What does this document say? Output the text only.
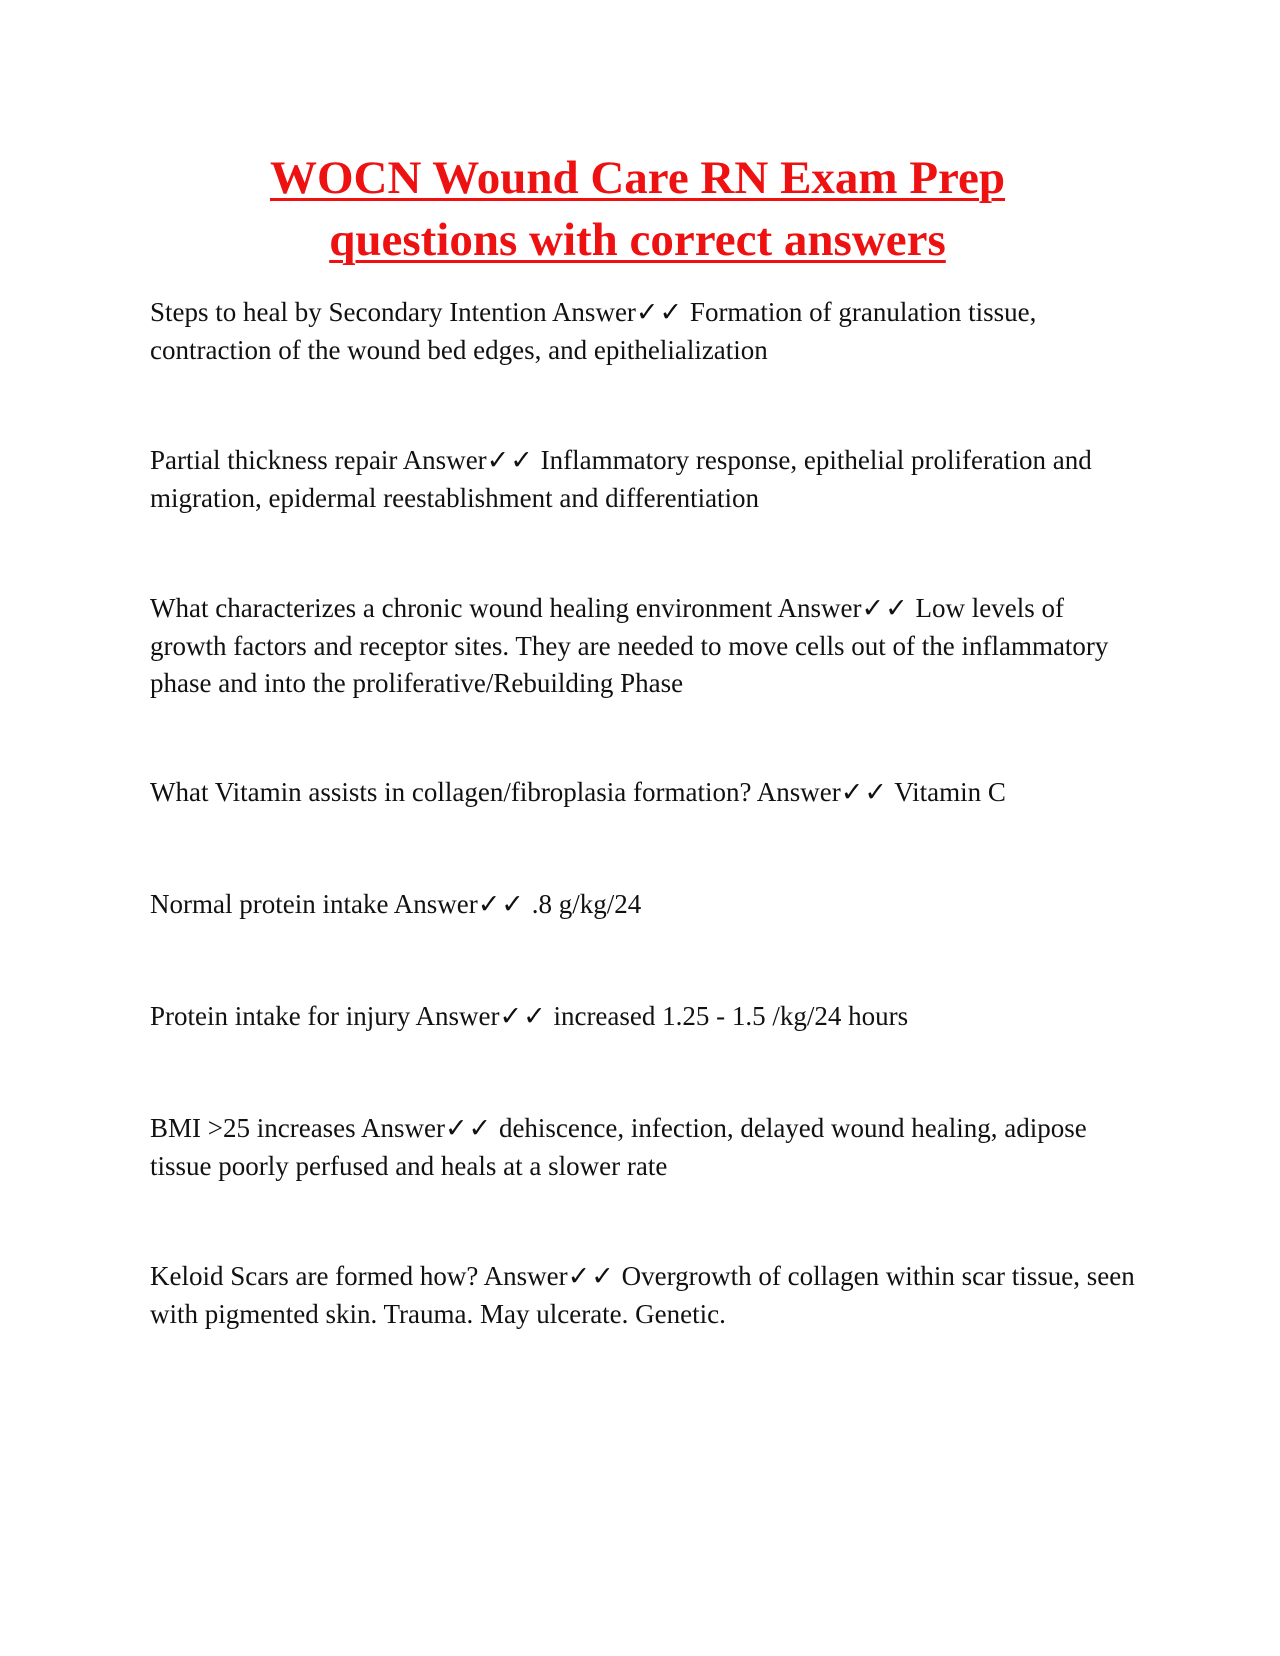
WOCN Wound Care RN Exam Prep
questions with correct answers

Steps to heal by Secondary Intention Answer✓✓ Formation of granulation tissue, contraction of the wound bed edges, and epithelialization

Partial thickness repair Answer✓✓ Inflammatory response, epithelial proliferation and migration, epidermal reestablishment and differentiation

What characterizes a chronic wound healing environment Answer✓✓ Low levels of growth factors and receptor sites. They are needed to move cells out of the inflammatory phase and into the proliferative/Rebuilding Phase

What Vitamin assists in collagen/fibroplasia formation? Answer✓✓ Vitamin C

Normal protein intake Answer✓✓ .8 g/kg/24

Protein intake for injury Answer✓✓ increased 1.25 - 1.5 /kg/24 hours

BMI >25 increases Answer✓✓ dehiscence, infection, delayed wound healing, adipose tissue poorly perfused and heals at a slower rate

Keloid Scars are formed how? Answer✓✓ Overgrowth of collagen within scar tissue, seen with pigmented skin. Trauma. May ulcerate. Genetic.
